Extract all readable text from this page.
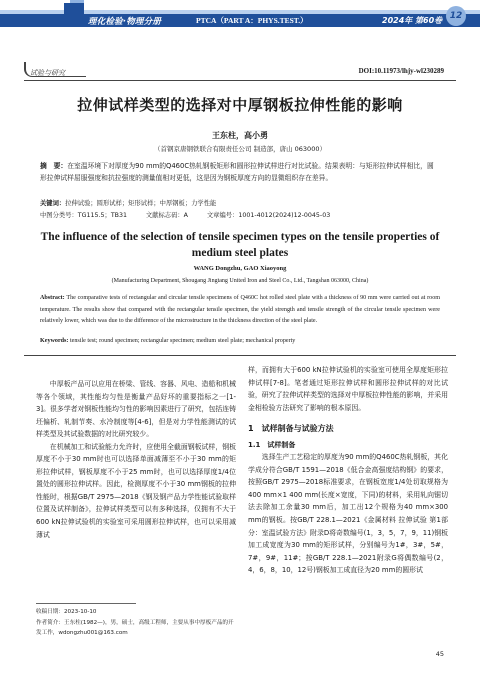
理化检验·物理分册	PTCA（PART A：PHYS.TEST.）	2024年 第60卷 12
试验与研究	DOI:10.11973/lhjy-wl230289
拉伸试样类型的选择对中厚钢板拉伸性能的影响
王东柱，高小勇
（首钢京唐钢铁联合有限责任公司 制造部，唐山 063000）
摘　要：在室温环境下对厚度为90 mm的Q460C热轧钢板矩形和圆形拉伸试样进行对比试验。结果表明：与矩形拉伸试样相比，圆形拉伸试样屈服强度和抗拉强度的测量值相对更低，这是因为钢板厚度方向的显微组织存在差异。
关键词：拉伸试验；圆形试样；矩形试样；中厚钢板；力学性能
中图分类号：TG115.5；TB31　　　文献标志码：A　　　文章编号：1001-4012(2024)12-0045-03
The influence of the selection of tensile specimen types on the tensile properties of medium steel plates
WANG Dongzhu, GAO Xiaoyong
(Manufacturing Department, Shougang Jingtang United Iron and Steel Co., Ltd., Tangshan 063000, China)
Abstract: The comparative tests of rectangular and circular tensile specimens of Q460C hot rolled steel plate with a thickness of 90 mm were carried out at room temperature. The results show that compared with the rectangular tensile specimen, the yield strength and tensile strength of the circular tensile specimen were relatively lower, which was due to the difference of the microstructure in the thickness direction of the steel plate.
Keywords: tensile test; round specimen; rectangular specimen; medium steel plate; mechanical property

中厚板产品可以应用在桥梁、管线、容器、风电、造船和机械等各个领域，其性能均匀性是衡量产品好坏的重要指标之一[1-3]。很多学者对钢板性能均匀性的影响因素进行了研究，包括连铸坯偏析、轧制节奏、水冷制度等[4-6]，但是对力学性能测试的试样类型及其试验数据的对比研究较少。

在机械加工和试验能力允许时，应使用全截面钢板试样，钢板厚度不小于30 mm时也可以选择单面减薄至不小于30 mm的矩形拉伸试样，钢板厚度不小于25 mm时，也可以选择厚度1/4位置处的圆形拉伸试样。因此，检测厚度不小于30 mm钢板的拉伸性能时，根据GB/T 2975—2018《钢及钢产品力学性能试验取样位置及试样制备》，拉伸试样类型可以有多种选择，仅拥有不大于600 kN拉伸试验机的实验室可采用圆形拉伸试样，也可以采用减薄试

样，而拥有大于600 kN拉伸试验机的实验室可使用全厚度矩形拉伸试样[7-8]。笔者通过矩形拉伸试样和圆形拉伸试样的对比试验，研究了拉伸试样类型的选择对中厚板拉伸性能的影响，并采用金相检验方法研究了影响的根本原因。

1　试样制备与试验方法
1.1　试样制备

选择生产工艺稳定的厚度为90 mm的Q460C热轧钢板，其化学成分符合GB/T 1591—2018《低合金高强度结构钢》的要求，按照GB/T 2975—2018标准要求，在钢板宽度1/4处切取规格为400 mm×1 400 mm(长度×宽度，下同)的材料，采用轧向锯切法去除加工余量30 mm后，加工出12个规格为40 mm×300 mm的钢板。按GB/T 228.1—2021《金属材料 拉伸试验 第1部分：室温试验方法》附录D将奇数编号(1，3，5，7，9，11)钢板加工成宽度为30 mm的矩形试样，分别编号为1#，3#，5#，7#，9#，11#；按GB/T 228.1—2021附录G将偶数编号(2，4，6，8，10，12号)钢板加工成直径为20 mm的圆形试

收稿日期：2023-10-10
作者简介：王东柱(1982—)，男，硕士，高级工程师，主要从事中厚板产品的开发工作，wdongzhu001@163.com
45
